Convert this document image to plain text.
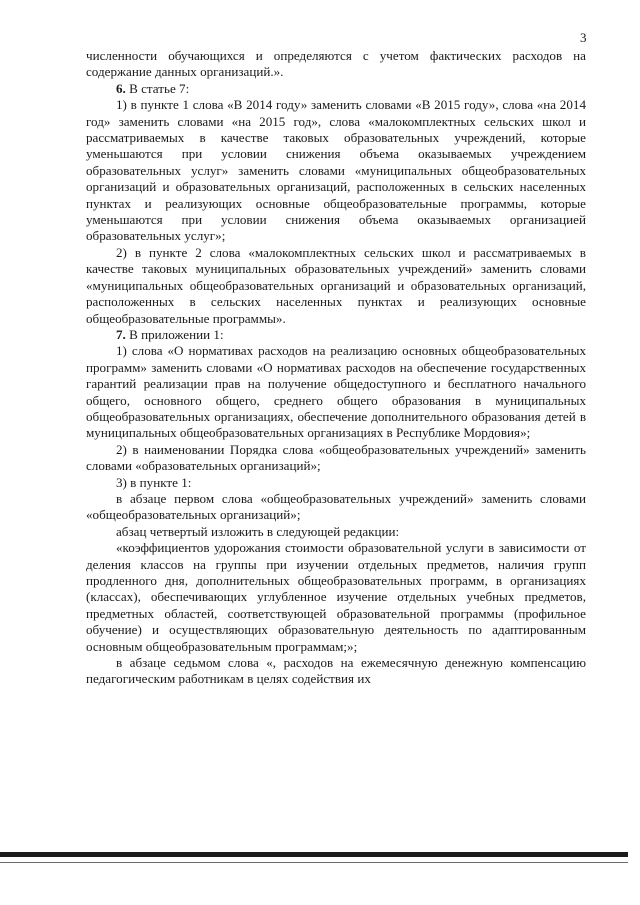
3

численности обучающихся и определяются с учетом фактических расходов на содержание данных организаций.».

6. В статье 7:

1) в пункте 1 слова «В 2014 году» заменить словами «В 2015 году», слова «на 2014 год» заменить словами «на 2015 год», слова «малокомплектных сельских школ и рассматриваемых в качестве таковых образовательных учреждений, которые уменьшаются при условии снижения объема оказываемых учреждением образовательных услуг» заменить словами «муниципальных общеобразовательных организаций и образовательных организаций, расположенных в сельских населенных пунктах и реализующих основные общеобразовательные программы, которые уменьшаются при условии снижения объема оказываемых организацией образовательных услуг»;

2) в пункте 2 слова «малокомплектных сельских школ и рассматриваемых в качестве таковых муниципальных образовательных учреждений» заменить словами «муниципальных общеобразовательных организаций и образовательных организаций, расположенных в сельских населенных пунктах и реализующих основные общеобразовательные программы».

7. В приложении 1:

1) слова «О нормативах расходов на реализацию основных общеобразовательных программ» заменить словами «О нормативах расходов на обеспечение государственных гарантий реализации прав на получение общедоступного и бесплатного начального общего, основного общего, среднего общего образования в муниципальных общеобразовательных организациях, обеспечение дополнительного образования детей в муниципальных общеобразовательных организациях в Республике Мордовия»;

2) в наименовании Порядка слова «общеобразовательных учреждений» заменить словами «образовательных организаций»;

3) в пункте 1:

в абзаце первом слова «общеобразовательных учреждений» заменить словами «общеобразовательных организаций»;

абзац четвертый изложить в следующей редакции:

«коэффициентов удорожания стоимости образовательной услуги в зависимости от деления классов на группы при изучении отдельных предметов, наличия групп продленного дня, дополнительных общеобразовательных программ, в организациях (классах), обеспечивающих углубленное изучение отдельных учебных предметов, предметных областей, соответствующей образовательной программы (профильное обучение) и осуществляющих образовательную деятельность по адаптированным основным общеобразовательным программам;»;

в абзаце седьмом слова «, расходов на ежемесячную денежную компенсацию педагогическим работникам в целях содействия их
